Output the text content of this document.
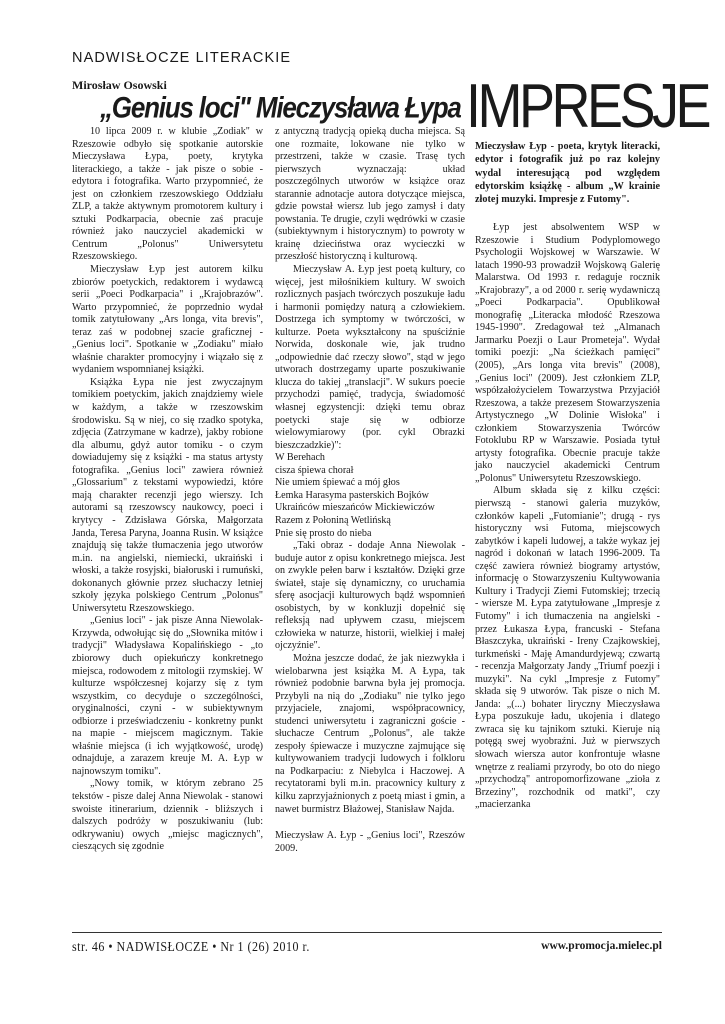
NADWISŁOCZE LITERACKIE
Mirosław Osowski
„Genius loci" Mieczysława Łypa IMPRESJE
Mieczysław Łyp - poeta, krytyk literacki, edytor i fotografik już po raz kolejny wydal interesującą pod względem edytorskim książkę - album „W krainie złotej muzyki. Impresje z Futomy".

10 lipca 2009 r. w klubie „Zodiak" w Rzeszowie odbyło się spotkanie autorskie Mieczysława Łypa, poety, krytyka literackiego, a także - jak pisze o sobie - edytora i fotografika. Warto przypomnieć, że jest on członkiem rzeszowskiego Oddziału ZLP, a także aktywnym promotorem kultury i sztuki Podkarpacia, obecnie zaś pracuje również jako nauczyciel akademicki w Centrum „Polonus" Uniwersytetu Rzeszowskiego.

Mieczysław Łyp jest autorem kilku zbiorów poetyckich, redaktorem i wydawcą serii „Poeci Podkarpacia" i „Krajobrazów". Warto przypomnieć, że poprzednio wydał tomik zatytułowany „Ars longa, vita brevis", teraz zaś w podobnej szacie graficznej - „Genius loci". Spotkanie w „Zodiaku" miało właśnie charakter promocyjny i wiązało się z wydaniem wspomnianej książki.

Książka Łypa nie jest zwyczajnym tomikiem poetyckim, jakich znajdziemy wiele w każdym, a także w rzeszowskim środowisku. Są w niej, co się rzadko spotyka, zdjęcia (Zatrzymane w kadrze), jakby robione dla albumu, gdyż autor tomiku - o czym dowiadujemy się z książki - ma status artysty fotografika. „Genius loci" zawiera również „Glossarium" z tekstami wypowiedzi, które mają charakter recenzji jego wierszy. Ich autorami są rzeszowscy naukowcy, poeci i krytycy - Zdzisława Górska, Małgorzata Janda, Teresa Paryna, Joanna Rusin. W książce znajdują się także tłumaczenia jego utworów m.in. na angielski, niemiecki, ukraiński i włoski, a także rosyjski, białoruski i rumuński, dokonanych głównie przez słuchaczy letniej szkoły języka polskiego Centrum „Polonus" Uniwersytetu Rzeszowskiego.

„Genius loci" - jak pisze Anna Niewolak-Krzywda, odwołując się do „Słownika mitów i tradycji" Władysława Kopalińskiego - „to zbiorowy duch opiekuńczy konkretnego miejsca, rodowodem z mitologii rzymskiej. W kulturze współczesnej kojarzy się z tym wszystkim, co decyduje o szczególności, oryginalności, czyni - w subiektywnym odbiorze i przeświadczeniu - konkretny punkt na mapie - miejscem magicznym. Takie właśnie miejsca (i ich wyjątkowość, urodę) odnajduje, a zarazem kreuje M. A. Łyp w najnowszym tomiku".

„Nowy tomik, w którym zebrano 25 tekstów - pisze dalej Anna Niewolak - stanowi swoiste itinerarium, dziennik - bliższych i dalszych podróży w poszukiwaniu (lub: odkrywaniu) owych „miejsc magicznych", cieszących się zgodnie

z antyczną tradycją opieką ducha miejsca. Są one rozmaite, lokowane nie tylko w przestrzeni, także w czasie. Trasę tych pierwszych wyznaczają: układ poszczególnych utworów w książce oraz starannie adnotacje autora dotyczące miejsca, gdzie powstał wiersz lub jego zamysł i daty powstania. Te drugie, czyli wędrówki w czasie (subiektywnym i historycznym) to powroty w krainę dzieciństwa oraz wycieczki w przeszłość historyczną i kulturową.

Mieczysław A. Łyp jest poetą kultury, co więcej, jest miłośnikiem kultury. W swoich rozlicznych pasjach twórczych poszukuje ładu i harmonii pomiędzy naturą a człowiekiem. Dostrzega ich symptomy w twórczości, w kulturze. Poeta wykształcony na spuściźnie Norwida, doskonale wie, jak trudno „odpowiednie dać rzeczy słowo", stąd w jego utworach dostrzegamy uparte poszukiwanie klucza do takiej „translacji". W sukurs poecie przychodzi pamięć, tradycja, świadomość własnej egzystencji: dzięki temu obraz poetycki staje się w odbiorze wielowymiarowy (por. cykl Obrazki bieszczadzkie)":

W Berehach

cisza śpiewa chorał

Nie umiem śpiewać a mój głos

Łemka Harasyma pasterskich Bojków

Ukraińców mieszańców Mickiewiczów

Razem z Połoniną Wetlińską

Pnie się prosto do nieba

„Taki obraz - dodaje Anna Niewolak - buduje autor z opisu konkretnego miejsca. Jest on zwykle pełen barw i kształtów. Dzięki grze świateł, staje się dynamiczny, co uruchamia sferę asocjacji kulturowych bądź wspomnień osobistych, by w konkluzji dopełnić się refleksją nad upływem czasu, miejscem człowieka w naturze, historii, wielkiej i małej ojczyźnie".

Można jeszcze dodać, że jak niezwykła i wielobarwna jest książka M. A Łypa, tak również podobnie barwna była jej promocja. Przybyli na nią do „Zodiaku" nie tylko jego przyjaciele, znajomi, współpracownicy, studenci uniwersytetu i zagraniczni goście - słuchacze Centrum „Polonus", ale także zespoły śpiewacze i muzyczne zajmujące się kultywowaniem tradycji ludowych i folkloru na Podkarpaciu: z Niebylca i Haczowej. A recytatorami byli m.in. pracownicy kultury z kilku zaprzyjaźnionych z poetą miast i gmin, a nawet burmistrz Błażowej, Stanisław Najda.

Mieczysław A. Łyp - „Genius loci", Rzeszów 2009.

Łyp jest absolwentem WSP w Rzeszowie i Studium Podyplomowego Psychologii Wojskowej w Warszawie. W latach 1990-93 prowadził Wojskową Galerię Malarstwa. Od 1993 r. redaguje rocznik „Krajobrazy", a od 2000 r. serię wydawniczą „Poeci Podkarpacia". Opublikował monografię „Literacka młodość Rzeszowa 1945-1990". Zredagował też „Almanach Jarmarku Poezji o Laur Prometeja". Wydał tomiki poezji: „Na ścieżkach pamięci" (2005), „Ars longa vita brevis" (2008), „Genius loci" (2009). Jest członkiem ZLP, współzałożycielem Towarzystwa Przyjaciół Rzeszowa, a także prezesem Stowarzyszenia Artystycznego „W Dolinie Wisłoka" i członkiem Stowarzyszenia Twórców Fotoklubu RP w Warszawie. Posiada tytuł artysty fotografika. Obecnie pracuje także jako nauczyciel akademicki Centrum „Polonus" Uniwersytetu Rzeszowskiego.

Album składa się z kilku części: pierwszą - stanowi galeria muzyków, członków kapeli „Futomianie"; drugą - rys historyczny wsi Futoma, miejscowych zabytków i kapeli ludowej, a także wykaz jej nagród i dokonań w latach 1996-2009. Ta część zawiera również biogramy artystów, informację o Stowarzyszeniu Kultywowania Kultury i Tradycji Ziemi Futomskiej; trzecią - wiersze M. Łypa zatytułowane „Impresje z Futomy" i ich tłumaczenia na angielski - przez Łukasza Łypa, francuski - Stefana Błaszczyka, ukraiński - Ireny Czajkowskiej, turkmeński - Maję Amandurdyjewą; czwartą - recenzja Małgorzaty Jandy „Triumf poezji i muzyki". Na cykl „Impresje z Futomy" składa się 9 utworów. Tak pisze o nich M. Janda: „(...) bohater liryczny Mieczysława Łypa poszukuje ładu, ukojenia i dlatego zwraca się ku tajnikom sztuki. Kieruje nią potęgą swej wyobraźni. Już w pierwszych słowach wiersza autor konfrontuje własne wnętrze z realiami przyrody, bo oto do niego „przychodzą" antropomorfizowane „zioła z Brzeziny", rozchodnik od matki", czy „macierzanka

str. 46 • NADWISŁOCZE • Nr 1 (26) 2010 r.	www.promocja.mielec.pl
